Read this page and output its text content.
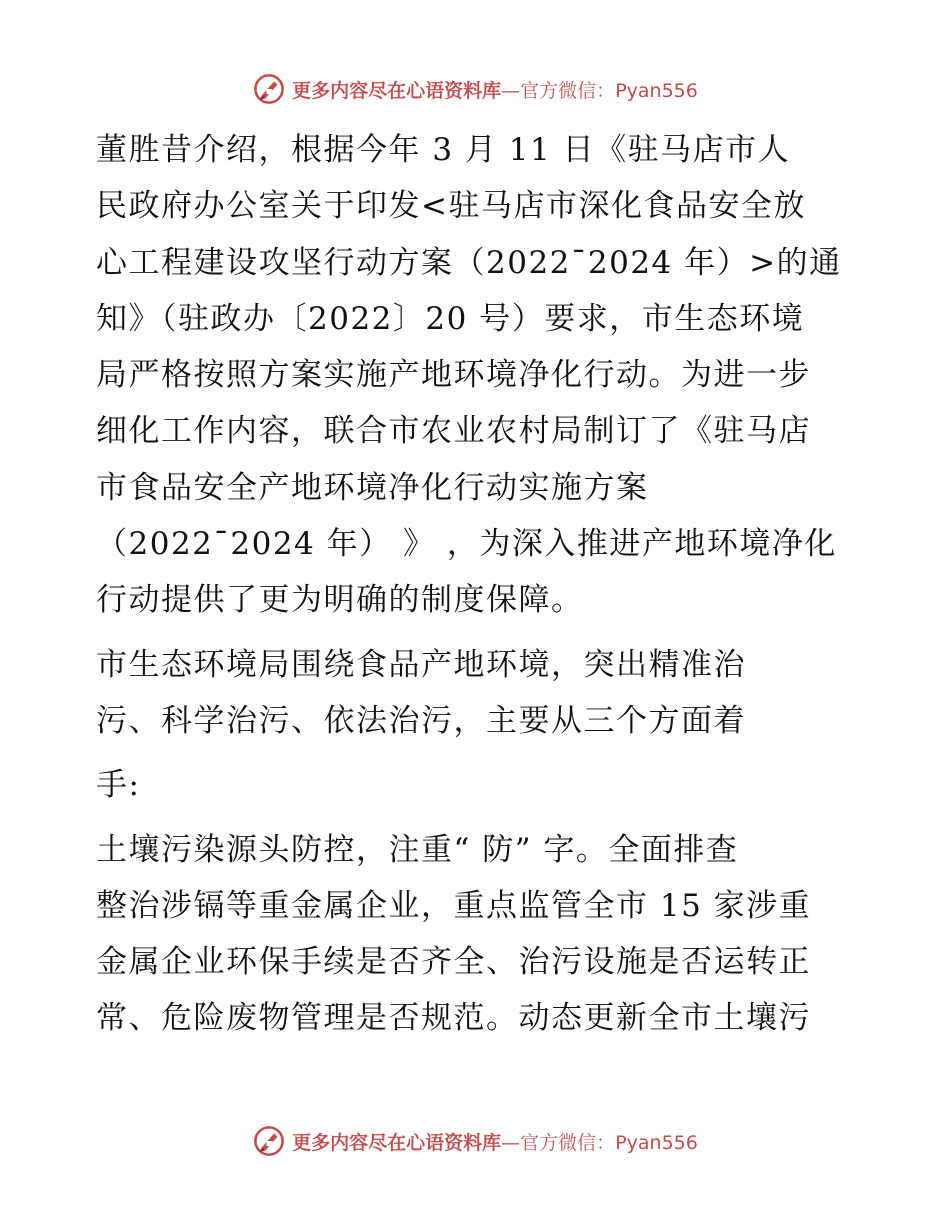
更多内容尽在心语资料库—官方微信：Pyan556

董胜昔介绍，根据今年 3 月 11 日《驻马店市人
民政府办公室关于印发<驻马店市深化食品安全放
心工程建设攻坚行动方案（2022¯2024 年）>的通
知》（驻政办〔2022〕20 号）要求，市生态环境
局严格按照方案实施产地环境净化行动。为进一步
细化工作内容，联合市农业农村局制订了《驻马店
市食品安全产地环境净化行动实施方案
（2022¯2024 年） 》 ，为深入推进产地环境净化
行动提供了更为明确的制度保障。

市生态环境局围绕食品产地环境，突出精准治
污、科学治污、依法治污，主要从三个方面着

手:

土壤污染源头防控，注重“ 防” 字。全面排查
整治涉镉等重金属企业，重点监管全市 15 家涉重
金属企业环保手续是否齐全、治污设施是否运转正
常、危险废物管理是否规范。动态更新全市土壤污

更多内容尽在心语资料库—官方微信：Pyan556
